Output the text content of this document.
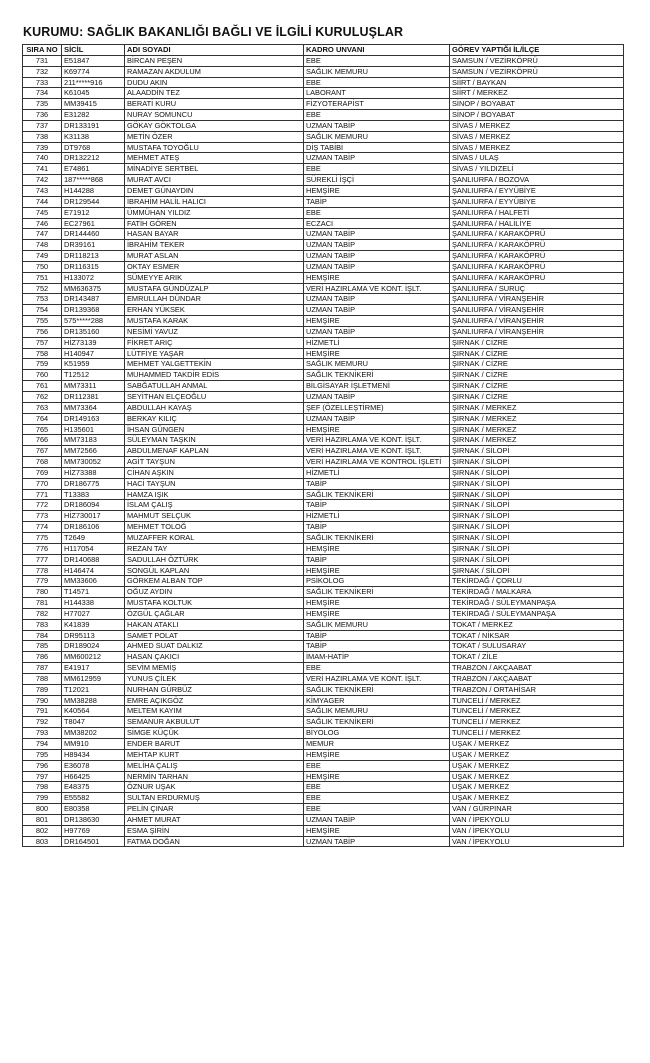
KURUMU: SAĞLIK BAKANLIĞI BAĞLI VE İLGİLİ KURULUŞLAR
SIRA NO	SİCİL	ADI SOYADI	KADRO UNVANI	GÖREV YAPTIĞI İL/İLÇE
731	E51847	BİRCAN PEŞEN	EBE	SAMSUN / VEZİRKÖPRÜ
732	K69774	RAMAZAN AKDULUM	SAĞLIK MEMURU	SAMSUN / VEZİRKÖPRÜ
733	211*****916	DUDU AKIN	EBE	SİİRT / BAYKAN
734	K61045	ALAADDİN TEZ	LABORANT	SİİRT / MERKEZ
735	MM39415	BERATİ KURU	FİZYOTERAPİST	SİNOP / BOYABAT
736	E31282	NURAY SOMUNCU	EBE	SİNOP / BOYABAT
737	DR133191	GÖKAY GÖKTOLGA	UZMAN TABİP	SİVAS / MERKEZ
738	K31138	METİN ÖZER	SAĞLIK MEMURU	SİVAS / MERKEZ
739	DT9768	MUSTAFA TOYOĞLU	DİŞ TABİBİ	SİVAS / MERKEZ
740	DR132212	MEHMET ATEŞ	UZMAN TABİP	SİVAS / ULAŞ
741	E74861	MİNADİYE SERTBEL	EBE	SİVAS / YILDIZELİ
742	187*****868	MURAT AVCI	SÜREKLİ İŞÇİ	ŞANLIURFA / BOZOVA
743	H144288	DEMET GÜNAYDIN	HEMŞİRE	ŞANLIURFA / EYYÜBİYE
744	DR129544	İBRAHİM HALİL HALICI	TABİP	ŞANLIURFA / EYYÜBİYE
745	E71912	ÜMMÜHAN YILDIZ	EBE	ŞANLIURFA / HALFETİ
746	EC27961	FATİH GÖREN	ECZACI	ŞANLIURFA / HALİLİYE
747	DR144460	HASAN BAYAR	UZMAN TABİP	ŞANLIURFA / KARAKÖPRÜ
748	DR39161	İBRAHİM TEKER	UZMAN TABİP	ŞANLIURFA / KARAKÖPRÜ
749	DR118213	MURAT ASLAN	UZMAN TABİP	ŞANLIURFA / KARAKÖPRÜ
750	DR116315	OKTAY ESMER	UZMAN TABİP	ŞANLIURFA / KARAKÖPRÜ
751	H133072	SÜMEYYE ARIK	HEMŞİRE	ŞANLIURFA / KARAKÖPRÜ
752	MM636375	MUSTAFA GÜNDÜZALP	VERİ HAZIRLAMA VE KONT. İŞLT.	ŞANLIURFA / SURUÇ
753	DR143487	EMRULLAH DÜNDAR	UZMAN TABİP	ŞANLIURFA / VİRANŞEHİR
754	DR139368	ERHAN YÜKSEK	UZMAN TABİP	ŞANLIURFA / VİRANŞEHİR
755	575*****288	MUSTAFA KARAK	HEMŞİRE	ŞANLIURFA / VİRANŞEHİR
756	DR135160	NESİMİ YAVUZ	UZMAN TABİP	ŞANLIURFA / VİRANŞEHİR
757	HİZ73139	FİKRET ARIÇ	HİZMETLİ	ŞIRNAK / CİZRE
758	H140947	LÜTFİYE YAŞAR	HEMŞİRE	ŞIRNAK / CİZRE
759	K51959	MEHMET YALGETTEKİN	SAĞLIK MEMURU	ŞIRNAK / CİZRE
760	T12512	MUHAMMED TAKDİR EDİS	SAĞLIK TEKNİKERİ	ŞIRNAK / CİZRE
761	MM73311	SABĞATULLAH ANMAL	BİLGİSAYAR İŞLETMENİ	ŞIRNAK / CİZRE
762	DR112381	SEYİTHAN ELÇEOĞLU	UZMAN TABİP	ŞIRNAK / CİZRE
763	MM73364	ABDULLAH KAYAŞ	ŞEF (ÖZELLEŞTİRME)	ŞIRNAK / MERKEZ
764	DR149163	BERKAY KILIÇ	UZMAN TABİP	ŞIRNAK / MERKEZ
765	H135601	İHSAN GÜNGEN	HEMŞİRE	ŞIRNAK / MERKEZ
766	MM73183	SÜLEYMAN TAŞKIN	VERİ HAZIRLAMA VE KONT. İŞLT.	ŞIRNAK / MERKEZ
767	MM72566	ABDULMENAF KAPLAN	VERİ HAZIRLAMA VE KONT. İŞLT.	ŞIRNAK / SİLOPİ
768	MM730052	AGİT TAYŞUN	VERİ HAZIRLAMA VE KONTROL İŞLETİ	ŞIRNAK / SİLOPİ
769	HİZ73388	CİHAN AŞKIN	HİZMETLİ	ŞIRNAK / SİLOPİ
770	DR186775	HACİ TAYŞUN	TABİP	ŞIRNAK / SİLOPİ
771	T13383	HAMZA IŞIK	SAĞLIK TEKNİKERİ	ŞIRNAK / SİLOPİ
772	DR186094	İSLAM ÇALIŞ	TABİP	ŞIRNAK / SİLOPİ
773	HİZ730017	MAHMUT SELÇUK	HİZMETLİ	ŞIRNAK / SİLOPİ
774	DR186106	MEHMET TOLOĞ	TABİP	ŞIRNAK / SİLOPİ
775	T2649	MUZAFFER KORAL	SAĞLIK TEKNİKERİ	ŞIRNAK / SİLOPİ
776	H117054	REZAN TAY	HEMŞİRE	ŞIRNAK / SİLOPİ
777	DR140688	SADULLAH ÖZTÜRK	TABİP	ŞIRNAK / SİLOPİ
778	H146474	SONGÜL KAPLAN	HEMŞİRE	ŞIRNAK / SİLOPİ
779	MM33606	GÖRKEM ALBAN TOP	PSİKOLOG	TEKİRDAĞ / ÇORLU
780	T14571	OĞUZ AYDIN	SAĞLIK TEKNİKERİ	TEKİRDAĞ / MALKARA
781	H144338	MUSTAFA KOLTUK	HEMŞİRE	TEKİRDAĞ / SÜLEYMANPAŞA
782	H77027	ÖZGÜL ÇAĞLAR	HEMŞİRE	TEKİRDAĞ / SÜLEYMANPAŞA
783	K41839	HAKAN ATAKLI	SAĞLIK MEMURU	TOKAT / MERKEZ
784	DR95113	SAMET POLAT	TABİP	TOKAT / NİKSAR
785	DR189024	AHMED SUAT DALKIZ	TABİP	TOKAT / SULUSARAY
786	MM600212	HASAN ÇAKICI	İMAM-HATİP	TOKAT / ZİLE
787	E41917	SEVİM MEMİŞ	EBE	TRABZON / AKÇAABAT
788	MM612959	YUNUS ÇİLEK	VERİ HAZIRLAMA VE KONT. İŞLT.	TRABZON / AKÇAABAT
789	T12021	NURHAN GÜRBÜZ	SAĞLIK TEKNİKERİ	TRABZON / ORTAHİSAR
790	MM38288	EMRE AÇIKGÖZ	KİMYAGER	TUNCELİ / MERKEZ
791	K40564	MELTEM KAYIM	SAĞLIK MEMURU	TUNCELİ / MERKEZ
792	T8047	SEMANUR AKBULUT	SAĞLIK TEKNİKERİ	TUNCELİ / MERKEZ
793	MM38202	SİMGE KÜÇÜK	BİYOLOG	TUNCELİ / MERKEZ
794	MM910	ENDER BARUT	MEMUR	UŞAK / MERKEZ
795	H89434	MEHTAP KURT	HEMŞİRE	UŞAK / MERKEZ
796	E36078	MELİHA ÇALIŞ	EBE	UŞAK / MERKEZ
797	H66425	NERMİN TARHAN	HEMŞİRE	UŞAK / MERKEZ
798	E48375	ÖZNUR UŞAK	EBE	UŞAK / MERKEZ
799	E55582	SULTAN ERDURMUŞ	EBE	UŞAK / MERKEZ
800	E80358	PELİN ÇINAR	EBE	VAN / GÜRPINAR
801	DR138630	AHMET MURAT	UZMAN TABİP	VAN / İPEKYOLU
802	H97769	ESMA ŞİRİN	HEMŞİRE	VAN / İPEKYOLU
803	DR164501	FATMA DOĞAN	UZMAN TABİP	VAN / İPEKYOLU
